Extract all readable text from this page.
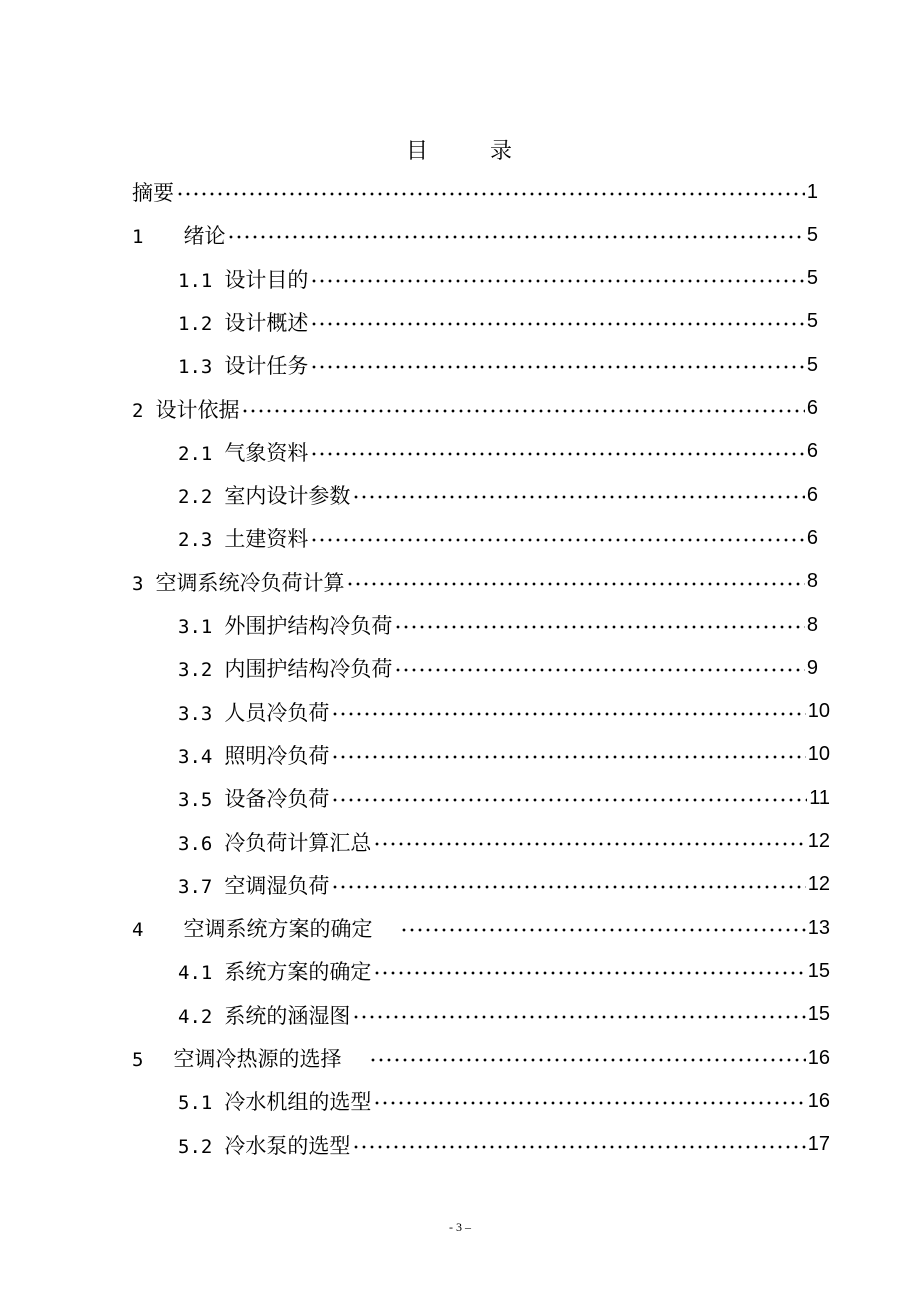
目	录
摘要	1
1 绪论	5
1.1 设计目的	5
1.2 设计概述	5
1.3 设计任务	5
2 设计依据	6
2.1 气象资料	6
2.2 室内设计参数	6
2.3 土建资料	6
3 空调系统冷负荷计算	8
3.1 外围护结构冷负荷	8
3.2 内围护结构冷负荷	9
3.3 人员冷负荷	10
3.4 照明冷负荷	10
3.5 设备冷负荷	11
3.6 冷负荷计算汇总	12
3.7 空调湿负荷	12
4 空调系统方案的确定	13
4.1 系统方案的确定	15
4.2 系统的涵湿图	15
5 空调冷热源的选择	16
5.1 冷水机组的选型	16
5.2 冷水泵的选型	17
- 3 –
